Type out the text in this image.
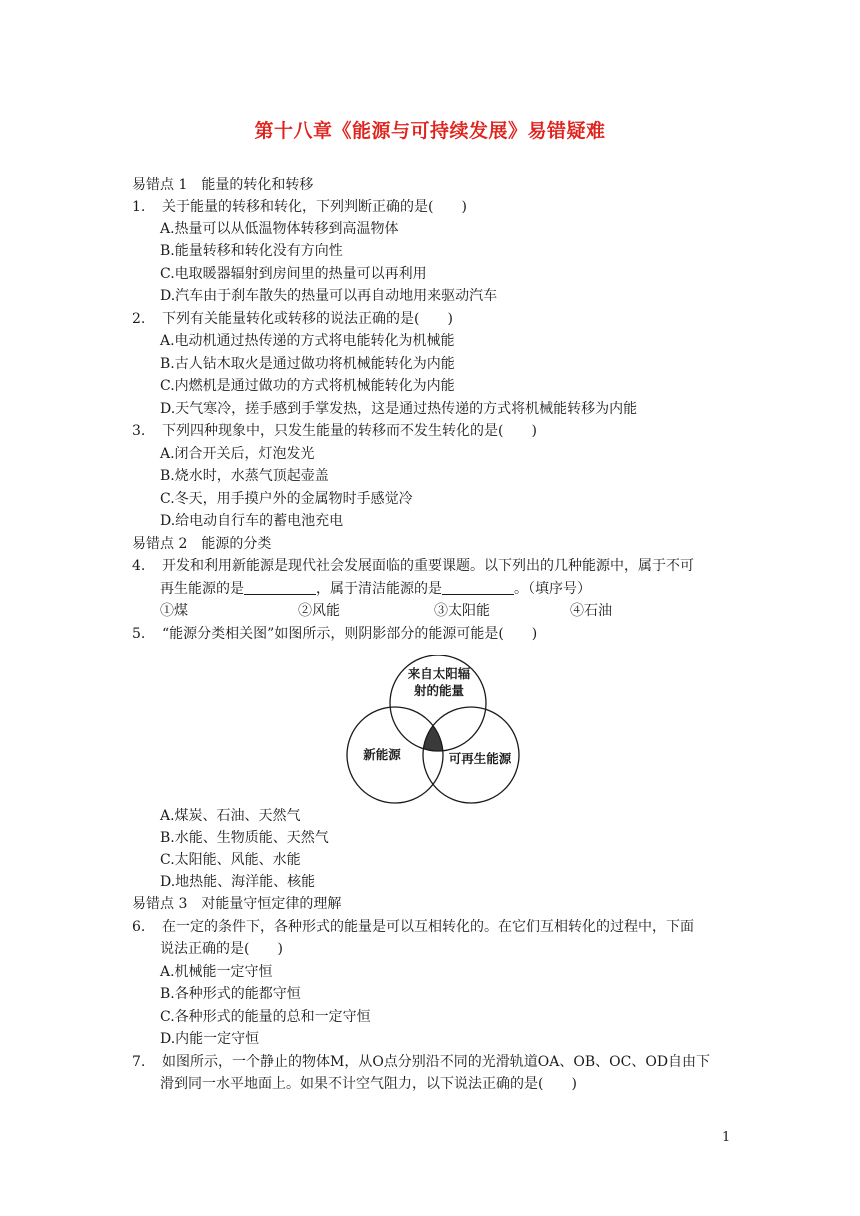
第十八章《能源与可持续发展》易错疑难
易错点 1　能量的转化和转移
1. 关于能量的转移和转化，下列判断正确的是(　　)
A.热量可以从低温物体转移到高温物体
B.能量转移和转化没有方向性
C.电取暖器辐射到房间里的热量可以再利用
D.汽车由于刹车散失的热量可以再自动地用来驱动汽车
2. 下列有关能量转化或转移的说法正确的是(　　)
A.电动机通过热传递的方式将电能转化为机械能
B.古人钻木取火是通过做功将机械能转化为内能
C.内燃机是通过做功的方式将机械能转化为内能
D.天气寒冷，搓手感到手掌发热，这是通过热传递的方式将机械能转移为内能
3. 下列四种现象中，只发生能量的转移而不发生转化的是(　　)
A.闭合开关后，灯泡发光
B.烧水时，水蒸气顶起壶盖
C.冬天，用手摸户外的金属物时手感觉冷
D.给电动自行车的蓄电池充电
易错点 2　能源的分类
4. 开发和利用新能源是现代社会发展面临的重要课题。以下列出的几种能源中，属于不可
再生能源的是	，属于清洁能源的是	。（填序号）
①煤	②风能	③太阳能	④石油
5. “能源分类相关图”如图所示，则阴影部分的能源可能是(　　)
来自太阳辐
射的能量
新能源	可再生能源
A.煤炭、石油、天然气
B.水能、生物质能、天然气
C.太阳能、风能、水能
D.地热能、海洋能、核能
易错点 3　对能量守恒定律的理解
6. 在一定的条件下，各种形式的能量是可以互相转化的。在它们互相转化的过程中，下面
说法正确的是(　　)
A.机械能一定守恒
B.各种形式的能都守恒
C.各种形式的能量的总和一定守恒
D.内能一定守恒
7. 如图所示，一个静止的物体M，从O点分别沿不同的光滑轨道OA、OB、OC、OD自由下
滑到同一水平地面上。如果不计空气阻力，以下说法正确的是(　　)
1
